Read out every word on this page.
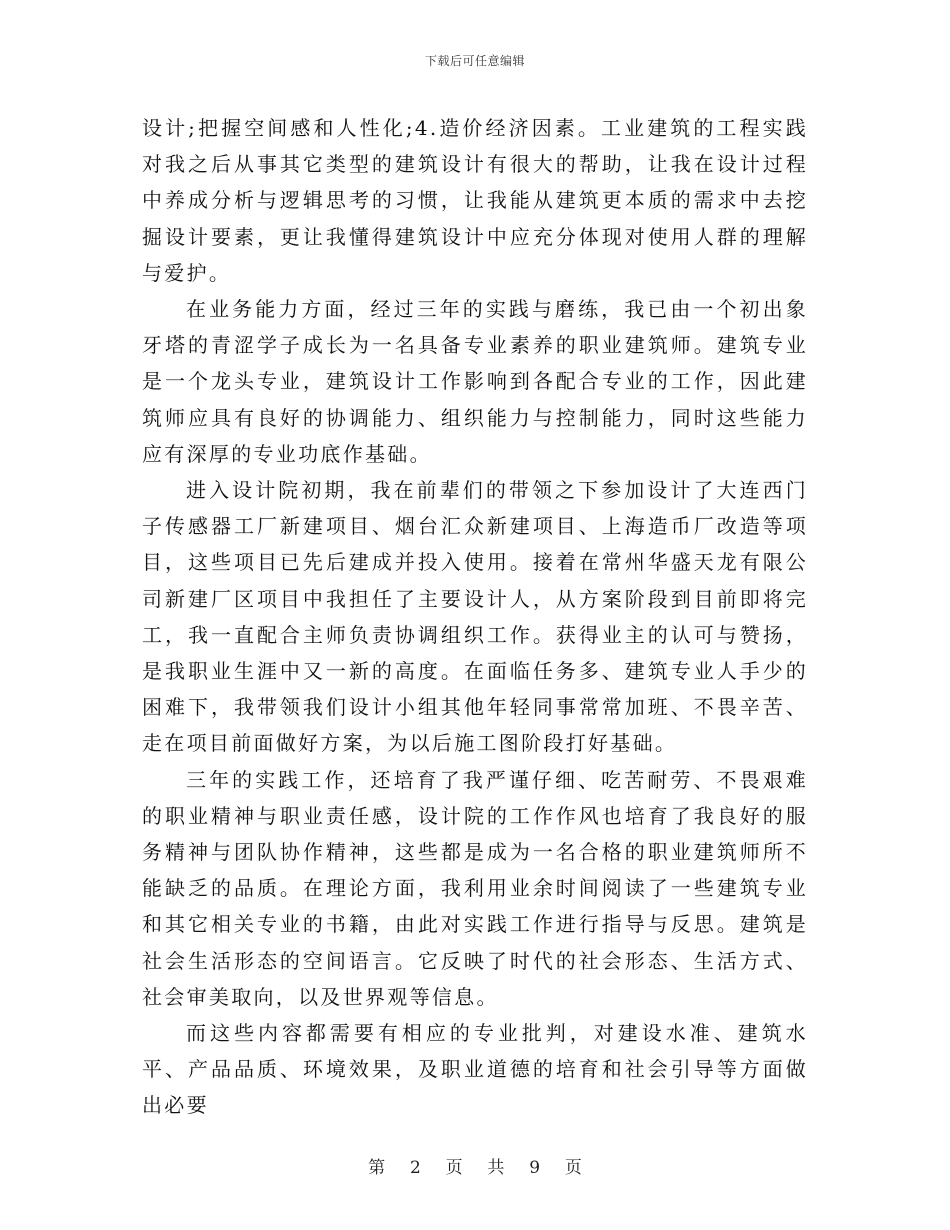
下载后可任意编辑

设计;把握空间感和人性化;4.造价经济因素。工业建筑的工程实践对我之后从事其它类型的建筑设计有很大的帮助，让我在设计过程中养成分析与逻辑思考的习惯，让我能从建筑更本质的需求中去挖掘设计要素，更让我懂得建筑设计中应充分体现对使用人群的理解与爱护。

在业务能力方面，经过三年的实践与磨练，我已由一个初出象牙塔的青涩学子成长为一名具备专业素养的职业建筑师。建筑专业是一个龙头专业，建筑设计工作影响到各配合专业的工作，因此建筑师应具有良好的协调能力、组织能力与控制能力，同时这些能力应有深厚的专业功底作基础。

进入设计院初期，我在前辈们的带领之下参加设计了大连西门子传感器工厂新建项目、烟台汇众新建项目、上海造币厂改造等项目，这些项目已先后建成并投入使用。接着在常州华盛天龙有限公司新建厂区项目中我担任了主要设计人，从方案阶段到目前即将完工，我一直配合主师负责协调组织工作。获得业主的认可与赞扬，是我职业生涯中又一新的高度。在面临任务多、建筑专业人手少的困难下，我带领我们设计小组其他年轻同事常常加班、不畏辛苦、走在项目前面做好方案，为以后施工图阶段打好基础。

三年的实践工作，还培育了我严谨仔细、吃苦耐劳、不畏艰难的职业精神与职业责任感，设计院的工作作风也培育了我良好的服务精神与团队协作精神，这些都是成为一名合格的职业建筑师所不能缺乏的品质。在理论方面，我利用业余时间阅读了一些建筑专业和其它相关专业的书籍，由此对实践工作进行指导与反思。建筑是社会生活形态的空间语言。它反映了时代的社会形态、生活方式、社会审美取向，以及世界观等信息。

而这些内容都需要有相应的专业批判，对建设水准、建筑水平、产品品质、环境效果，及职业道德的培育和社会引导等方面做出必要

第 2 页 共 9 页
